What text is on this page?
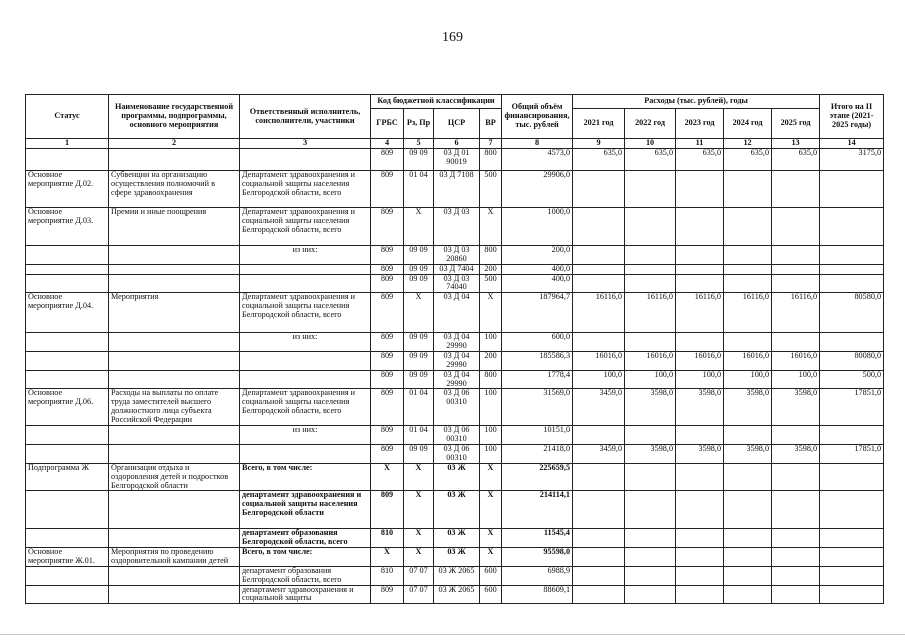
169
Статус	Наименование государственной программы, подпрограммы, основного мероприятия	Ответственный исполнитель, соисполнители, участники	Код бюджетной классификации				Общий объём финансирования, тыс. рублей	Расходы (тыс. рублей), годы					Итого на II этапе (2021-2025 годы)
			ГРБС	Рз, Пр	ЦСР	ВР		2021 год	2022 год	2023 год	2024 год	2025 год	
1	2	3	4	5	6	7	8	9	10	11	12	13	14
			809	09 09	03 Д 01 90019	800	4573,0	635,0	635,0	635,0	635,0	635,0	3175,0
Основное мероприятие Д.02.	Субвенции на организацию осуществления полномочий в сфере здравоохранения	Департамент здравоохранения и социальной защиты населения Белгородской области, всего	809	01 04	03 Д 7108	500	29906,0						
Основное мероприятие Д.03.	Премии и иные поощрения	Департамент здравоохранения и социальной защиты населения Белгородской области, всего	809	Х	03 Д 03	Х	1000,0						
		из них:	809	09 09	03 Д 03 20860	800	200,0						
			809	09 09	03 Д 7404	200	400,0						
			809	09 09	03 Д 03 74040	500	400,0						
Основное мероприятие Д.04.	Мероприятия	Департамент здравоохранения и социальной защиты населения Белгородской области, всего	809	Х	03 Д 04	Х	187964,7	16116,0	16116,0	16116,0	16116,0	16116,0	80580,0
		из них:	809	09 09	03 Д 04 29990	100	600,0						
			809	09 09	03 Д 04 29990	200	185586,3	16016,0	16016,0	16016,0	16016,0	16016,0	80080,0
			809	09 09	03 Д 04 29990	800	1778,4	100,0	100,0	100,0	100,0	100,0	500,0
Основное мероприятие Д.06.	Расходы на выплаты по оплате труда заместителей высшего должностного лица субъекта Российской Федерации	Департамент здравоохранения и социальной защиты населения Белгородской области, всего	809	01 04	03 Д 06 00310	100	31569,0	3459,0	3598,0	3598,0	3598,0	3598,0	17851,0
		из них:	809	01 04	03 Д 06 00310	100	10151,0						
			809	09 09	03 Д 06 00310	100	21418,0	3459,0	3598,0	3598,0	3598,0	3598,0	17851,0
Подпрограмма Ж	Организация отдыха и оздоровления детей и подростков Белгородской области	Всего, в том числе:	Х	Х	03 Ж	Х	225659,5						
		департамент здравоохранения и социальной защиты населения Белгородской области	809	Х	03 Ж	Х	214114,1						
		департамент образования Белгородской области, всего	810	Х	03 Ж	Х	11545,4						
Основное мероприятие Ж.01.	Мероприятия по проведению оздоровительной кампании детей	Всего, в том числе:	Х	Х	03 Ж	Х	95598,0						
		департамент образования Белгородской области, всего	810	07 07	03 Ж 2065	600	6988,9						
		департамент здравоохранения и социальной защиты	809	07 07	03 Ж 2065	600	88609,1						
